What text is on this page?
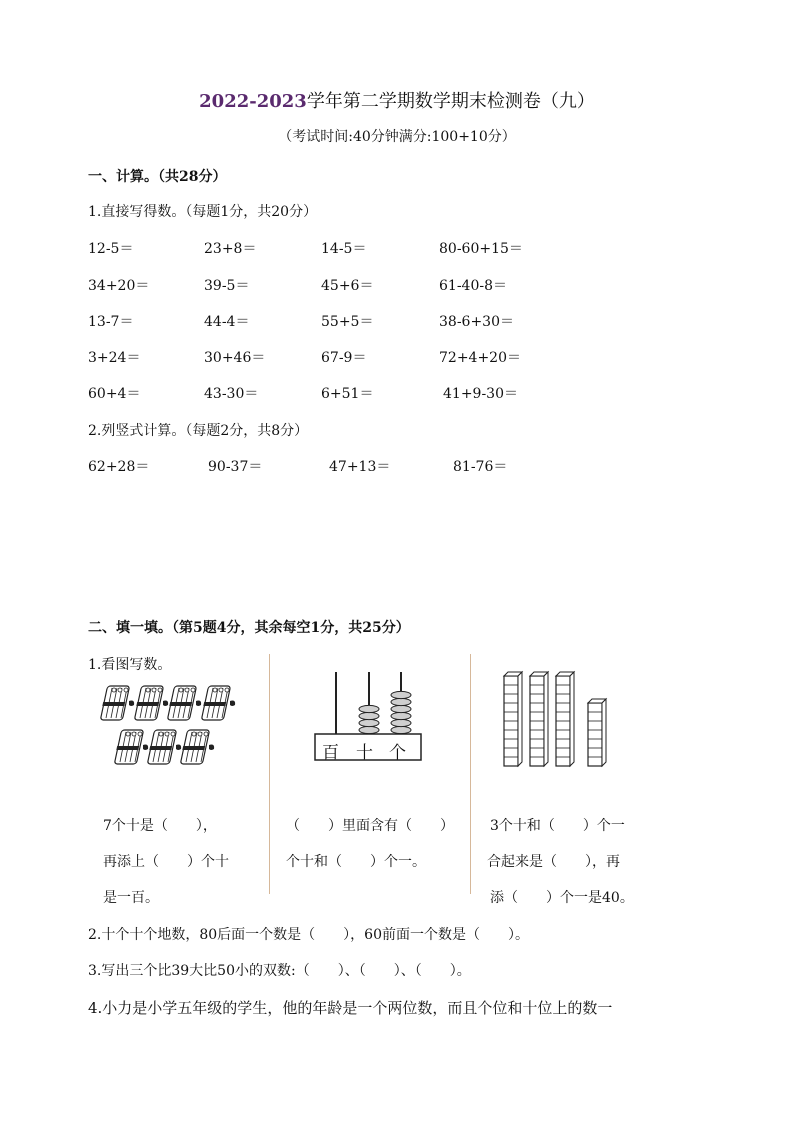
2022-2023学年第二学期数学期末检测卷（九）
（考试时间:40分钟满分:100+10分）
一、计算。（共28分）
1.直接写得数。（每题1分，共20分）
12-5＝	23+8＝	14-5＝	80-60+15＝
34+20＝	39-5＝	45+6＝	61-40-8＝
13-7＝	44-4＝	55+5＝	38-6+30＝
3+24＝	30+46＝	67-9＝	72+4+20＝
60+4＝	43-30＝	6+51＝	41+9-30＝
2.列竖式计算。（每题2分，共8分）
62+28＝	90-37＝	47+13＝	81-76＝
二、填一填。（第5题4分，其余每空1分，共25分）
1.看图写数。
百 十 个
7个十是（　　），
再添上（　　）个十
是一百。
（　　）里面含有（　　）
个十和（　　）个一。
3个十和（　　）个一
合起来是（　　），再
添（　　）个一是40。
2.十个十个地数，80后面一个数是（　　），60前面一个数是（　　）。
3.写出三个比39大比50小的双数:（　　）、（　　）、（　　）。
4.小力是小学五年级的学生，他的年龄是一个两位数，而且个位和十位上的数一
